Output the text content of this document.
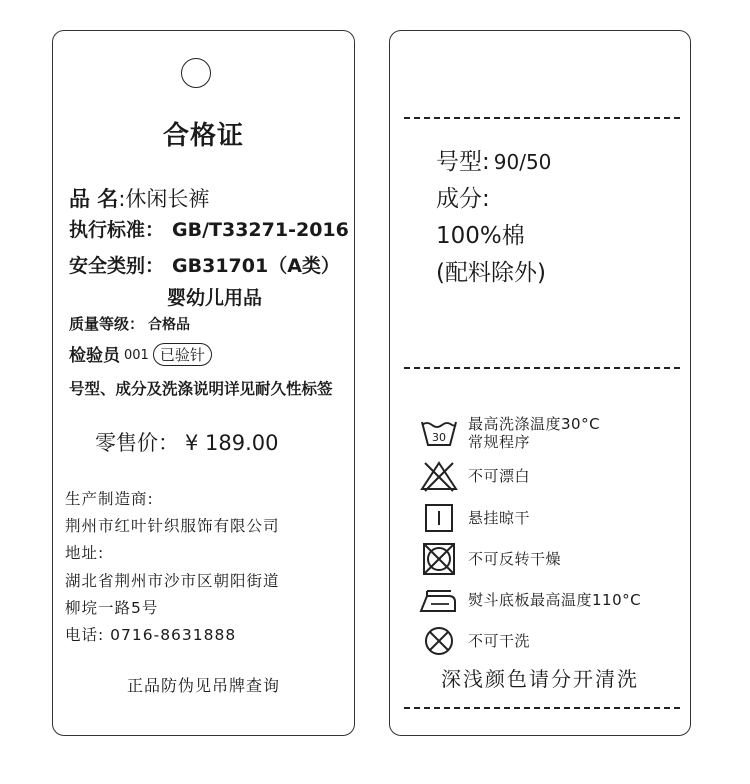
合格证
品 名:休闲长裤
执行标准： GB/T33271-2016
安全类别： GB31701（A类）
婴幼儿用品
质量等级： 合格品
检验员 001 已验针
号型、成分及洗涤说明详见耐久性标签
零售价： ¥ 189.00
生产制造商:
荆州市红叶针织服饰有限公司
地址:
湖北省荆州市沙市区朝阳街道
柳垸一路5号
电话: 0716-8631888
正品防伪见吊牌查询
号型: 90/50
成分:
100%棉
(配料除外)
30
最高洗涤温度30°C
常规程序
不可漂白
悬挂晾干
不可反转干燥
熨斗底板最高温度110°C
不可干洗
深浅颜色请分开清洗
